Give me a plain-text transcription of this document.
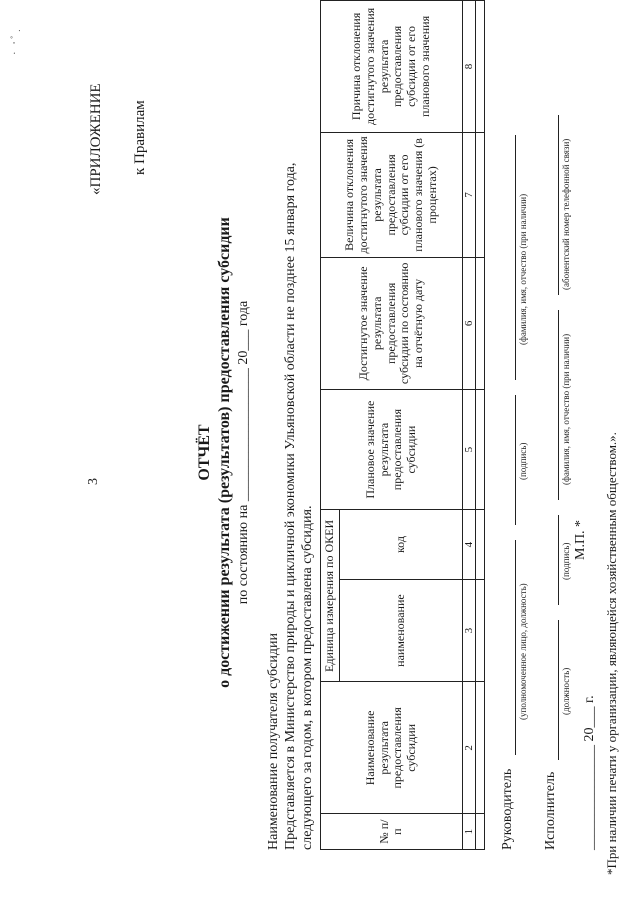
· ‧˚ ̣
3
«ПРИЛОЖЕНИЕ к Правилам
ОТЧЁТ о достижении результата (результатов) предоставления субсидии по состоянию на ___________________ 20___ года
Наименование получателя субсидии Представляется в Министерство природы и цикличной экономики Ульяновской области не позднее 15 января года, следующего за годом, в котором предоставлена субсидия.	№ п/п	Наименование результата предоставления субсидии	Единица измерения по ОКЕИ		Плановое значение результата предоставления субсидии	Достигнутое значение результата предоставления субсидии по состоянию на отчётную дату	Величина отклонения достигнутого значения результата предоставления субсидии от его планового значения (в процентах)	Причина отклонения достигнутого значения результата предоставления субсидии от его планового значения
		наименование	код				
1	2	3	4	5	6	7	8

Руководитель
(уполномоченное лицо, должность)
(подпись)
(фамилия, имя, отчество (при наличии)
Исполнитель
(должность)
(подпись)
(фамилия, имя, отчество (при наличии)
(абонентский номер телефонной связи)
М.П. *
_______________ 20___ г. *При наличии печати у организации, являющейся хозяйственным обществом.».
